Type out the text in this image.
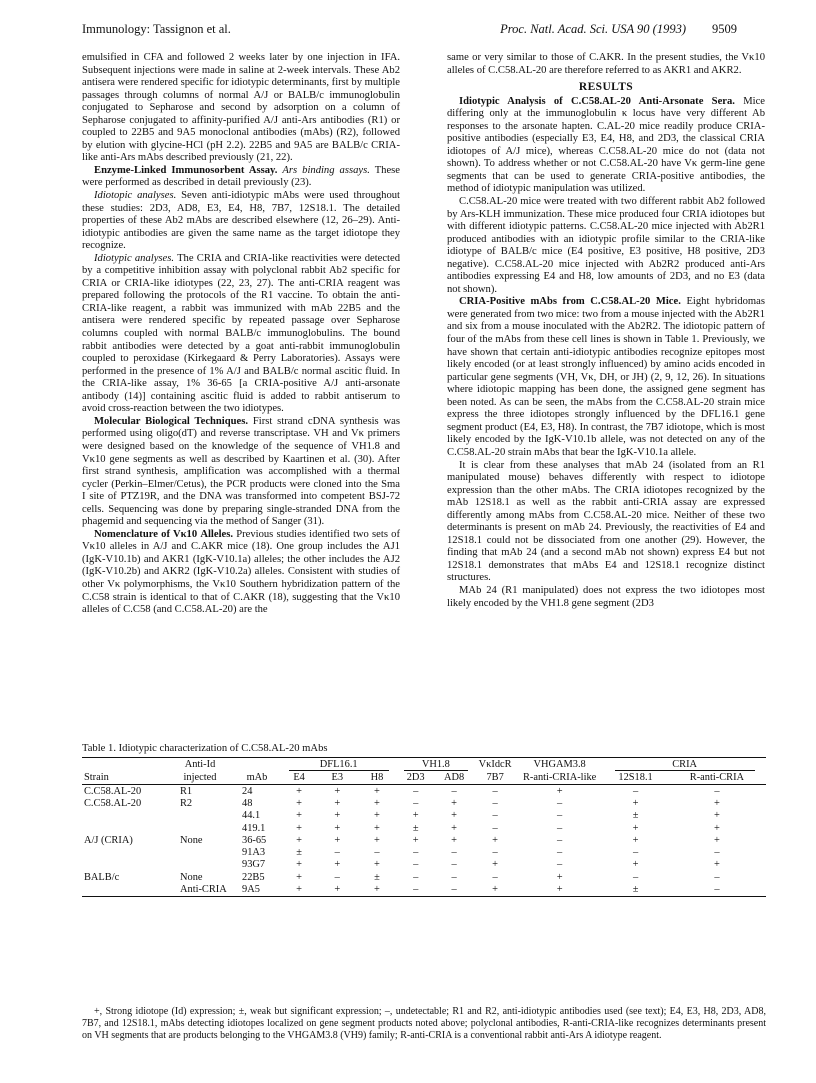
Immunology: Tassignon et al.	Proc. Natl. Acad. Sci. USA 90 (1993) 9509

emulsified in CFA and followed 2 weeks later by one injection in IFA. Subsequent injections were made in saline at 2-week intervals. These Ab2 antisera were rendered specific for idiotypic determinants, first by multiple passages through columns of normal A/J or BALB/c immunoglobulin conjugated to Sepharose and second by adsorption on a column of Sepharose conjugated to affinity-purified A/J anti-Ars antibodies (R1) or coupled to 22B5 and 9A5 monoclonal antibodies (mAbs) (R2), followed by elution with glycine-HCl (pH 2.2). 22B5 and 9A5 are BALB/c CRIA-like anti-Ars mAbs described previously (21, 22).

Enzyme-Linked Immunosorbent Assay. Ars binding assays. These were performed as described in detail previously (23).

Idiotopic analyses. Seven anti-idiotypic mAbs were used throughout these studies: 2D3, AD8, E3, E4, H8, 7B7, 12S18.1. The detailed properties of these Ab2 mAbs are described elsewhere (12, 26–29). Anti-idiotypic antibodies are given the same name as the target idiotope they recognize.

Idiotypic analyses. The CRIA and CRIA-like reactivities were detected by a competitive inhibition assay with polyclonal rabbit Ab2 specific for CRIA or CRIA-like idiotypes (22, 23, 27). The anti-CRIA reagent was prepared following the protocols of the R1 vaccine. To obtain the anti-CRIA-like reagent, a rabbit was immunized with mAb 22B5 and the antisera were rendered specific by repeated passage over Sepharose columns coupled with normal BALB/c immunoglobulins. The bound rabbit antibodies were detected by a goat anti-rabbit immunoglobulin coupled to peroxidase (Kirkegaard & Perry Laboratories). Assays were performed in the presence of 1% A/J and BALB/c normal ascitic fluid. In the CRIA-like assay, 1% 36-65 [a CRIA-positive A/J anti-arsonate antibody (14)] containing ascitic fluid is added to rabbit antiserum to avoid cross-reaction between the two idiotypes.

Molecular Biological Techniques. First strand cDNA synthesis was performed using oligo(dT) and reverse transcriptase. VH and Vκ primers were designed based on the knowledge of the sequence of VH1.8 and Vκ10 gene segments as well as described by Kaartinen et al. (30). After first strand synthesis, amplification was accomplished with a thermal cycler (Perkin–Elmer/Cetus), the PCR products were cloned into the Sma I site of PTZ19R, and the DNA was transformed into competent BSJ-72 cells. Sequencing was done by preparing single-stranded DNA from the phagemid and sequencing via the method of Sanger (31).

Nomenclature of Vκ10 Alleles. Previous studies identified two sets of Vκ10 alleles in A/J and C.AKR mice (18). One group includes the AJ1 (IgK-V10.1b) and AKR1 (IgK-V10.1a) alleles; the other includes the AJ2 (IgK-V10.2b) and AKR2 (IgK-V10.2a) alleles. Consistent with studies of other Vκ polymorphisms, the Vκ10 Southern hybridization pattern of the C.C58 strain is identical to that of C.AKR (18), suggesting that the Vκ10 alleles of C.C58 (and C.C58.AL-20) are the

same or very similar to those of C.AKR. In the present studies, the Vκ10 alleles of C.C58.AL-20 are therefore referred to as AKR1 and AKR2.

RESULTS

Idiotypic Analysis of C.C58.AL-20 Anti-Arsonate Sera. Mice differing only at the immunoglobulin κ locus have very different Ab responses to the arsonate hapten. C.AL-20 mice readily produce CRIA-positive antibodies (especially E3, E4, H8, and 2D3, the classical CRIA idiotopes of A/J mice), whereas C.C58.AL-20 mice do not (data not shown). To address whether or not C.C58.AL-20 have Vκ germ-line gene segments that can be used to generate CRIA-positive antibodies, the method of idiotypic manipulation was utilized.

C.C58.AL-20 mice were treated with two different rabbit Ab2 followed by Ars-KLH immunization. These mice produced four CRIA idiotopes but with different idiotypic patterns. C.C58.AL-20 mice injected with Ab2R1 produced antibodies with an idiotypic profile similar to the CRIA-like idiotype of BALB/c mice (E4 positive, E3 positive, H8 positive, 2D3 negative). C.C58.AL-20 mice injected with Ab2R2 produced anti-Ars antibodies expressing E4 and H8, low amounts of 2D3, and no E3 (data not shown).

CRIA-Positive mAbs from C.C58.AL-20 Mice. Eight hybridomas were generated from two mice: two from a mouse injected with the Ab2R1 and six from a mouse inoculated with the Ab2R2. The idiotopic pattern of four of the mAbs from these cell lines is shown in Table 1. Previously, we have shown that certain anti-idiotypic antibodies recognize epitopes most likely encoded (or at least strongly influenced) by amino acids encoded in particular gene segments (VH, Vκ, DH, or JH) (2, 9, 12, 26). In situations where idiotopic mapping has been done, the assigned gene segment has been noted. As can be seen, the mAbs from the C.C58.AL-20 strain mice express the three idiotopes strongly influenced by the DFL16.1 gene segment product (E4, E3, H8). In contrast, the 7B7 idiotope, which is most likely encoded by the IgK-V10.1b allele, was not detected on any of the C.C58.AL-20 strain mAbs that bear the IgK-V10.1a allele.

It is clear from these analyses that mAb 24 (isolated from an R1 manipulated mouse) behaves differently with respect to idiotope expression than the other mAbs. The CRIA idiotopes recognized by the mAb 12S18.1 as well as the rabbit anti-CRIA assay are expressed differently among mAbs from C.C58.AL-20 mice. Neither of these two determinants is present on mAb 24. Previously, the reactivities of E4 and 12S18.1 could not be dissociated from one another (29). However, the finding that mAb 24 (and a second mAb not shown) express E4 but not 12S18.1 demonstrates that mAbs E4 and 12S18.1 recognize distinct structures.

MAb 24 (R1 manipulated) does not express the two idiotopes most likely encoded by the VH1.8 gene segment (2D3

Table 1. Idiotypic characterization of C.C58.AL-20 mAbs
	Anti-Id		DFL16.1			VH1.8		VκIdcR	VHGAM3.8	CRIA	
Strain	injected	mAb	E4	E3	H8	2D3	AD8	7B7	R-anti-CRIA-like	12S18.1	R-anti-CRIA
C.C58.AL-20	R1	24	+	+	+	–	–	–	+	–	–
C.C58.AL-20	R2	48	+	+	+	–	+	–	–	+	+
		44.1	+	+	+	+	+	–	–	±	+
		419.1	+	+	+	±	+	–	–	+	+
A/J (CRIA)	None	36-65	+	+	+	+	+	+	–	+	+
		91A3	±	–	–	–	–	–	–	–	–
		93G7	+	+	+	–	–	+	–	+	+
BALB/c	None	22B5	+	–	±	–	–	–	+	–	–
	Anti-CRIA	9A5	+	+	+	–	–	+	+	±	–

+, Strong idiotope (Id) expression; ±, weak but significant expression; –, undetectable; R1 and R2, anti-idiotypic antibodies used (see text); E4, E3, H8, 2D3, AD8, 7B7, and 12S18.1, mAbs detecting idiotopes localized on gene segment products noted above; polyclonal antibodies, R-anti-CRIA-like recognizes determinants present on VH segments that are products belonging to the VHGAM3.8 (VH9) family; R-anti-CRIA is a conventional rabbit anti-Ars A idiotype reagent.
